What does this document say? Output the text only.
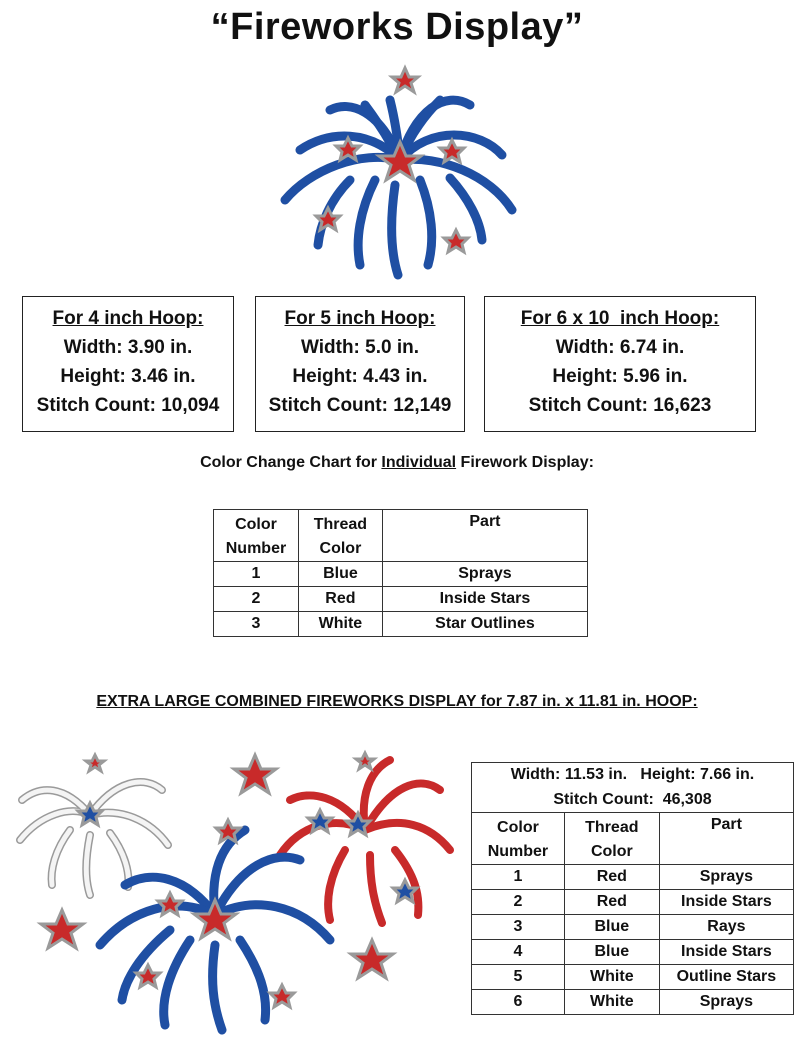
“Fireworks Display”
For 4 inch Hoop:
Width: 3.90 in.
Height: 3.46 in.
Stitch Count: 10,094
For 5 inch Hoop:
Width: 5.0 in.
Height: 4.43 in.
Stitch Count: 12,149
For 6 x 10  inch Hoop:
Width: 6.74 in.
Height: 5.96 in.
Stitch Count: 16,623
Color Change Chart for Individual Firework Display:
Color Number	Thread Color	Part
1	Blue	Sprays
2	Red	Inside Stars
3	White	Star Outlines
EXTRA LARGE COMBINED FIREWORKS DISPLAY for 7.87 in. x 11.81 in. HOOP:
Width: 11.53 in.   Height: 7.66 in.		
Stitch Count:  46,308		
Color Number	Thread Color	Part
1	Red	Sprays
2	Red	Inside Stars
3	Blue	Rays
4	Blue	Inside Stars
5	White	Outline Stars
6	White	Sprays
